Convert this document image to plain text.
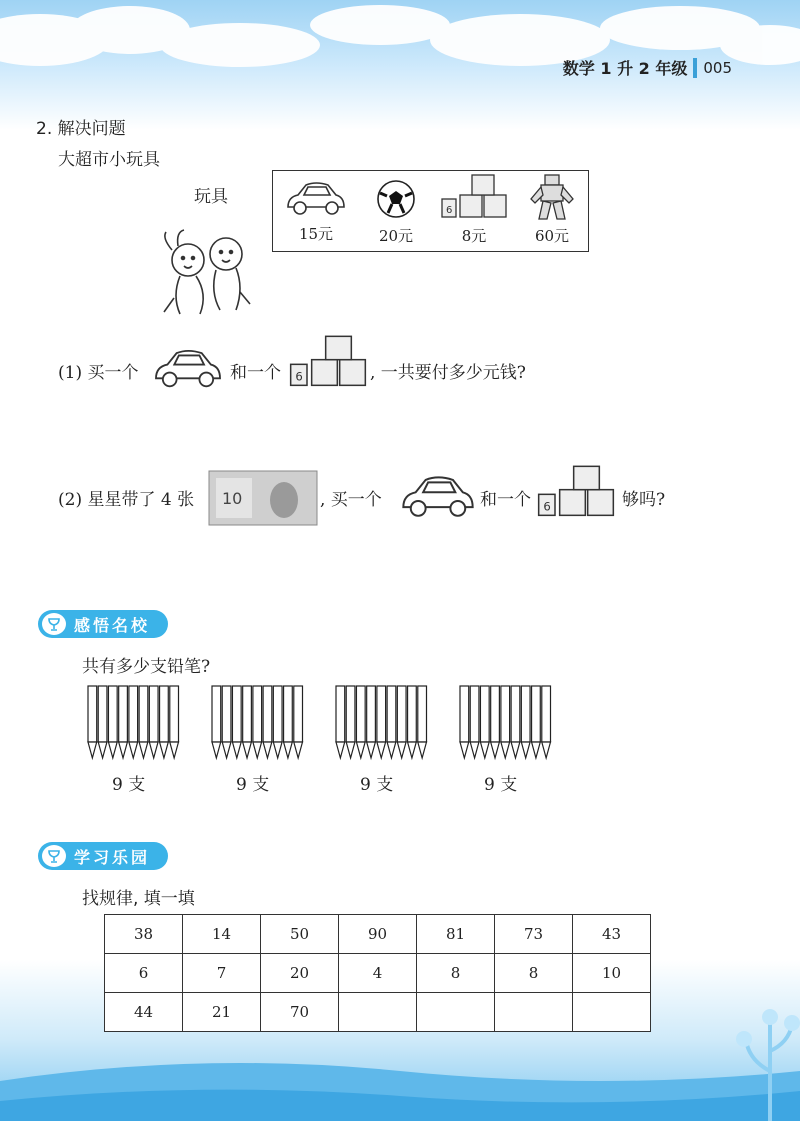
数学 1 升 2 年级 005
2. 解决问题
大超市小玩具
玩具
15元	20元
6
8元	60元
(1) 买一个	和一个 6	, 一共要付多少元钱?
(2) 星星带了 4 张 10	, 买一个	和一个 6	够吗?
感悟名校
共有多少支铅笔?
9 支	9 支	9 支	9 支
学习乐园
找规律, 填一填
38	14	50	90	81	73	43
6	7	20	4	8	8	10
44	21	70				
